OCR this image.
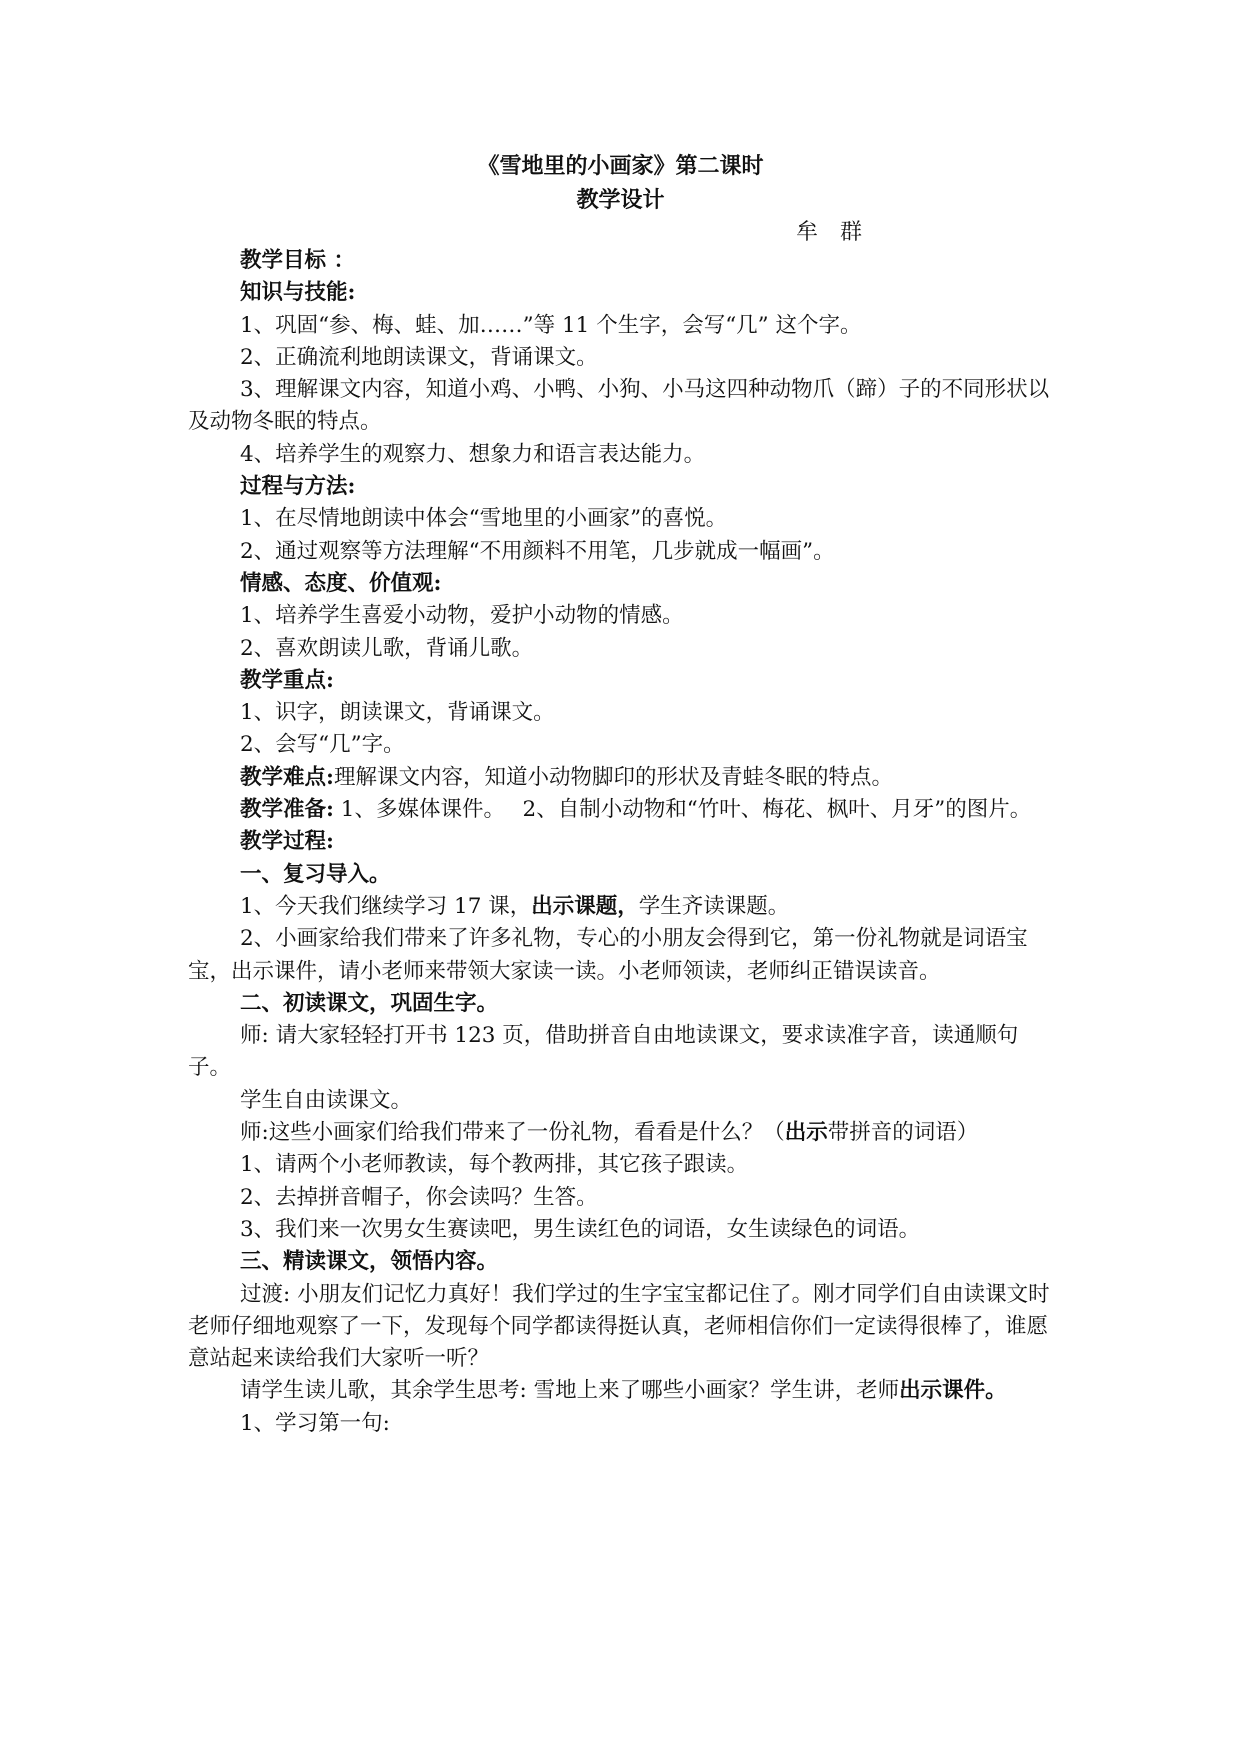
《雪地里的小画家》第二课时
教学设计
牟　群

教学目标 ：

知识与技能:

1、巩固“参、梅、蛙、加……”等 11 个生字，会写“几” 这个字。

2、正确流利地朗读课文，背诵课文。

3、理解课文内容，知道小鸡、小鸭、小狗、小马这四种动物爪（蹄）子的不同形状以及动物冬眠的特点。

4、培养学生的观察力、想象力和语言表达能力。

过程与方法:

1、在尽情地朗读中体会“雪地里的小画家”的喜悦。

2、通过观察等方法理解“不用颜料不用笔，几步就成一幅画”。

情感、态度、价值观:

1、培养学生喜爱小动物，爱护小动物的情感。

2、喜欢朗读儿歌，背诵儿歌。

教学重点:

1、识字，朗读课文，背诵课文。

2、会写“几”字。

教学难点:理解课文内容，知道小动物脚印的形状及青蛙冬眠的特点。

教学准备: 1、多媒体课件。　 2、自制小动物和“竹叶、梅花、枫叶、月牙”的图片。

教学过程:

一、复习导入。

1、今天我们继续学习 17 课，出示课题，学生齐读课题。

2、小画家给我们带来了许多礼物，专心的小朋友会得到它，第一份礼物就是词语宝宝，出示课件，请小老师来带领大家读一读。小老师领读，老师纠正错误读音。

二、初读课文，巩固生字。

师: 请大家轻轻打开书 123 页，借助拼音自由地读课文，要求读准字音，读通顺句子。

学生自由读课文。

师:这些小画家们给我们带来了一份礼物，看看是什么？（出示带拼音的词语）

1、请两个小老师教读，每个教两排，其它孩子跟读。

2、去掉拼音帽子，你会读吗？生答。

3、我们来一次男女生赛读吧，男生读红色的词语，女生读绿色的词语。

三、精读课文，领悟内容。

过渡: 小朋友们记忆力真好！我们学过的生字宝宝都记住了。刚才同学们自由读课文时老师仔细地观察了一下，发现每个同学都读得挺认真，老师相信你们一定读得很棒了，谁愿意站起来读给我们大家听一听？

请学生读儿歌，其余学生思考: 雪地上来了哪些小画家？学生讲，老师出示课件。

1、学习第一句:
